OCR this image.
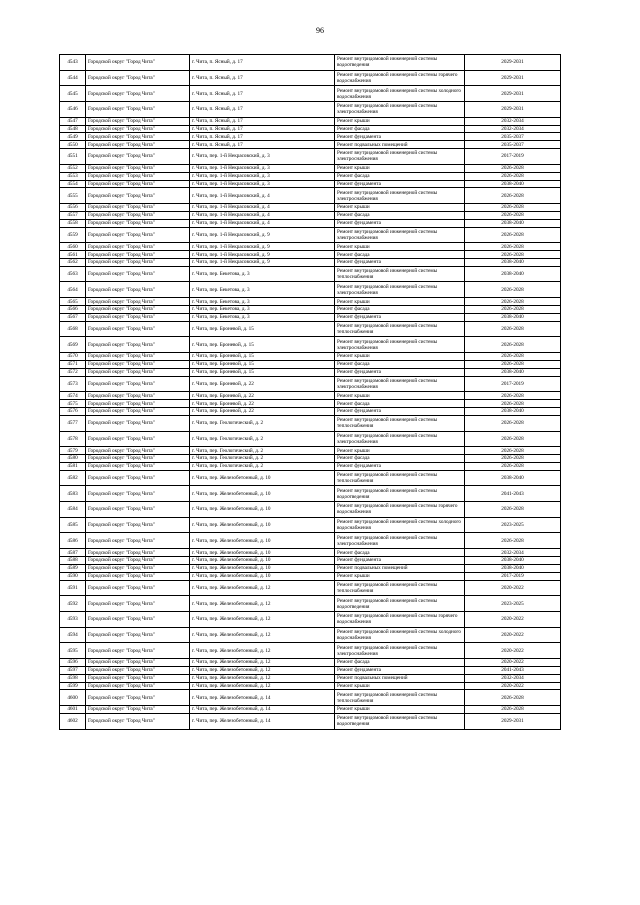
96
4543	Городской округ "Город Чита"	г. Чита, п. Ясный, д. 17	Ремонт внутридомовой инженерной системы водоотведения	2029-2031
4544	Городской округ "Город Чита"	г. Чита, п. Ясный, д. 17	Ремонт внутридомовой инженерной системы горячего водоснабжения	2029-2031
4545	Городской округ "Город Чита"	г. Чита, п. Ясный, д. 17	Ремонт внутридомовой инженерной системы холодного водоснабжения	2029-2031
4546	Городской округ "Город Чита"	г. Чита, п. Ясный, д. 17	Ремонт внутридомовой инженерной системы электроснабжения	2029-2031
4547	Городской округ "Город Чита"	г. Чита, п. Ясный, д. 17	Ремонт крыши	2032-2034
4548	Городской округ "Город Чита"	г. Чита, п. Ясный, д. 17	Ремонт фасада	2032-2034
4549	Городской округ "Город Чита"	г. Чита, п. Ясный, д. 17	Ремонт фундамента	2035-2037
4550	Городской округ "Город Чита"	г. Чита, п. Ясный, д. 17	Ремонт подвальных помещений	2035-2037
4551	Городской округ "Город Чита"	г. Чита, пер. 1-й Некрасовский, д. 3	Ремонт внутридомовой инженерной системы электроснабжения	2017-2019
4552	Городской округ "Город Чита"	г. Чита, пер. 1-й Некрасовский, д. 3	Ремонт крыши	2026-2028
4553	Городской округ "Город Чита"	г. Чита, пер. 1-й Некрасовский, д. 3	Ремонт фасада	2026-2028
4554	Городской округ "Город Чита"	г. Чита, пер. 1-й Некрасовский, д. 3	Ремонт фундамента	2038-2040
4555	Городской округ "Город Чита"	г. Чита, пер. 1-й Некрасовский, д. 4	Ремонт внутридомовой инженерной системы электроснабжения	2026-2028
4556	Городской округ "Город Чита"	г. Чита, пер. 1-й Некрасовский, д. 4	Ремонт крыши	2026-2028
4557	Городской округ "Город Чита"	г. Чита, пер. 1-й Некрасовский, д. 4	Ремонт фасада	2026-2028
4558	Городской округ "Город Чита"	г. Чита, пер. 1-й Некрасовский, д. 4	Ремонт фундамента	2038-2040
4559	Городской округ "Город Чита"	г. Чита, пер. 1-й Некрасовский, д. 9	Ремонт внутридомовой инженерной системы электроснабжения	2026-2028
4560	Городской округ "Город Чита"	г. Чита, пер. 1-й Некрасовский, д. 9	Ремонт крыши	2026-2028
4561	Городской округ "Город Чита"	г. Чита, пер. 1-й Некрасовский, д. 9	Ремонт фасада	2026-2028
4562	Городской округ "Город Чита"	г. Чита, пер. 1-й Некрасовский, д. 9	Ремонт фундамента	2038-2040
4563	Городской округ "Город Чита"	г. Чита, пер. Бекетова, д. 3	Ремонт внутридомовой инженерной системы теплоснабжения	2038-2040
4564	Городской округ "Город Чита"	г. Чита, пер. Бекетова, д. 3	Ремонт внутридомовой инженерной системы электроснабжения	2026-2028
4565	Городской округ "Город Чита"	г. Чита, пер. Бекетова, д. 3	Ремонт крыши	2026-2028
4566	Городской округ "Город Чита"	г. Чита, пер. Бекетова, д. 3	Ремонт фасада	2026-2028
4567	Городской округ "Город Чита"	г. Чита, пер. Бекетова, д. 3	Ремонт фундамента	2038-2040
4568	Городской округ "Город Чита"	г. Чита, пер. Броневой, д. 15	Ремонт внутридомовой инженерной системы теплоснабжения	2026-2028
4569	Городской округ "Город Чита"	г. Чита, пер. Броневой, д. 15	Ремонт внутридомовой инженерной системы электроснабжения	2026-2028
4570	Городской округ "Город Чита"	г. Чита, пер. Броневой, д. 15	Ремонт крыши	2026-2028
4571	Городской округ "Город Чита"	г. Чита, пер. Броневой, д. 15	Ремонт фасада	2026-2028
4572	Городской округ "Город Чита"	г. Чита, пер. Броневой, д. 15	Ремонт фундамента	2038-2040
4573	Городской округ "Город Чита"	г. Чита, пер. Броневой, д. 22	Ремонт внутридомовой инженерной системы электроснабжения	2017-2019
4574	Городской округ "Город Чита"	г. Чита, пер. Броневой, д. 22	Ремонт крыши	2026-2028
4575	Городской округ "Город Чита"	г. Чита, пер. Броневой, д. 22	Ремонт фасада	2026-2028
4576	Городской округ "Город Чита"	г. Чита, пер. Броневой, д. 22	Ремонт фундамента	2038-2040
4577	Городской округ "Город Чита"	г. Чита, пер. Геологический, д. 2	Ремонт внутридомовой инженерной системы теплоснабжения	2026-2028
4578	Городской округ "Город Чита"	г. Чита, пер. Геологический, д. 2	Ремонт внутридомовой инженерной системы электроснабжения	2026-2028
4579	Городской округ "Город Чита"	г. Чита, пер. Геологический, д. 2	Ремонт крыши	2026-2028
4580	Городской округ "Город Чита"	г. Чита, пер. Геологический, д. 2	Ремонт фасада	2026-2028
4581	Городской округ "Город Чита"	г. Чита, пер. Геологический, д. 2	Ремонт фундамента	2026-2028
4582	Городской округ "Город Чита"	г. Чита, пер. Железобетонный, д. 10	Ремонт внутридомовой инженерной системы теплоснабжения	2038-2040
4583	Городской округ "Город Чита"	г. Чита, пер. Железобетонный, д. 10	Ремонт внутридомовой инженерной системы водоотведения	2041-2043
4584	Городской округ "Город Чита"	г. Чита, пер. Железобетонный, д. 10	Ремонт внутридомовой инженерной системы горячего водоснабжения	2026-2028
4585	Городской округ "Город Чита"	г. Чита, пер. Железобетонный, д. 10	Ремонт внутридомовой инженерной системы холодного водоснабжения	2023-2025
4586	Городской округ "Город Чита"	г. Чита, пер. Железобетонный, д. 10	Ремонт внутридомовой инженерной системы электроснабжения	2026-2028
4587	Городской округ "Город Чита"	г. Чита, пер. Железобетонный, д. 10	Ремонт фасада	2032-2034
4588	Городской округ "Город Чита"	г. Чита, пер. Железобетонный, д. 10	Ремонт фундамента	2038-2040
4589	Городской округ "Город Чита"	г. Чита, пер. Железобетонный, д. 10	Ремонт подвальных помещений	2038-2040
4590	Городской округ "Город Чита"	г. Чита, пер. Железобетонный, д. 10	Ремонт крыши	2017-2019
4591	Городской округ "Город Чита"	г. Чита, пер. Железобетонный, д. 12	Ремонт внутридомовой инженерной системы теплоснабжения	2020-2022
4592	Городской округ "Город Чита"	г. Чита, пер. Железобетонный, д. 12	Ремонт внутридомовой инженерной системы водоотведения	2023-2025
4593	Городской округ "Город Чита"	г. Чита, пер. Железобетонный, д. 12	Ремонт внутридомовой инженерной системы горячего водоснабжения	2020-2022
4594	Городской округ "Город Чита"	г. Чита, пер. Железобетонный, д. 12	Ремонт внутридомовой инженерной системы холодного водоснабжения	2020-2022
4595	Городской округ "Город Чита"	г. Чита, пер. Железобетонный, д. 12	Ремонт внутридомовой инженерной системы электроснабжения	2020-2022
4596	Городской округ "Город Чита"	г. Чита, пер. Железобетонный, д. 12	Ремонт фасада	2020-2022
4597	Городской округ "Город Чита"	г. Чита, пер. Железобетонный, д. 12	Ремонт фундамента	2041-2043
4598	Городской округ "Город Чита"	г. Чита, пер. Железобетонный, д. 12	Ремонт подвальных помещений	2032-2034
4599	Городской округ "Город Чита"	г. Чита, пер. Железобетонный, д. 12	Ремонт крыши	2020-2022
4600	Городской округ "Город Чита"	г. Чита, пер. Железобетонный, д. 14	Ремонт внутридомовой инженерной системы теплоснабжения	2026-2028
4601	Городской округ "Город Чита"	г. Чита, пер. Железобетонный, д. 14	Ремонт крыши	2026-2028
4602	Городской округ "Город Чита"	г. Чита, пер. Железобетонный, д. 14	Ремонт внутридомовой инженерной системы водоотведения	2029-2031
